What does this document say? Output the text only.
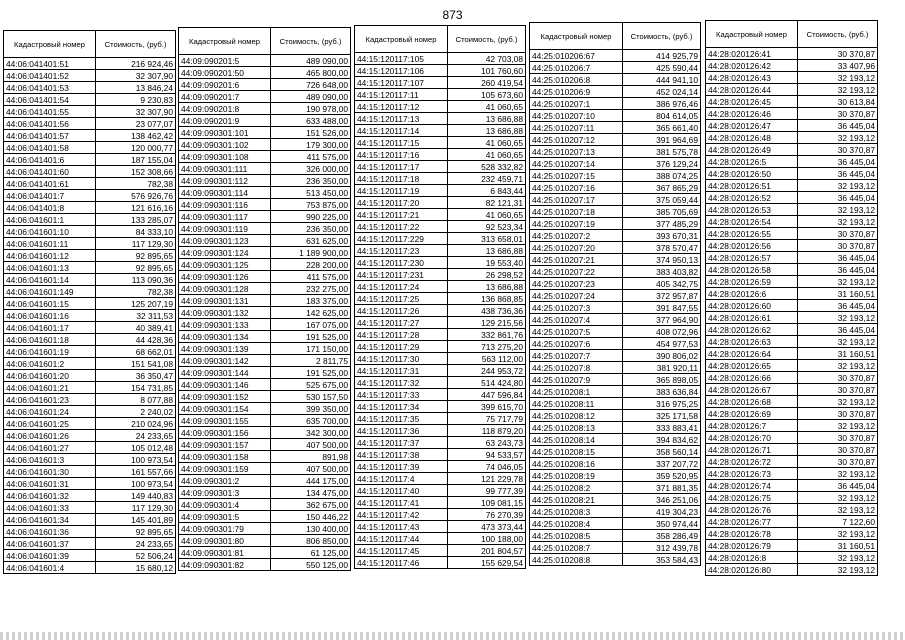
873
Кадастровый номер	Стоимость, (руб.)
44:06:041401:51	216 924,46
44:06:041401:52	32 307,90
44:06:041401:53	13 846,24
44:06:041401:54	9 230,83
44:06:041401:55	32 307,90
44:06:041401:56	23 077,07
44:06:041401:57	138 462,42
44:06:041401:58	120 000,77
44:06:041401:6	187 155,04
44:06:041401:60	152 308,66
44:06:041401:61	782,38
44:06:041401:7	576 926,76
44:06:041401:8	121 616,16
44:06:041601:1	133 285,07
44:06:041601:10	84 333,10
44:06:041601:11	117 129,30
44:06:041601:12	92 895,65
44:06:041601:13	92 895,65
44:06:041601:14	113 090,36
44:06:041601:149	782,38
44:06:041601:15	125 207,19
44:06:041601:16	32 311,53
44:06:041601:17	40 389,41
44:06:041601:18	44 428,36
44:06:041601:19	68 662,01
44:06:041601:2	151 541,08
44:06:041601:20	36 350,47
44:06:041601:21	154 731,85
44:06:041601:23	8 077,88
44:06:041601:24	2 240,02
44:06:041601:25	210 024,96
44:06:041601:26	24 233,65
44:06:041601:27	105 012,48
44:06:041601:3	100 973,54
44:06:041601:30	161 557,66
44:06:041601:31	100 973,54
44:06:041601:32	149 440,83
44:06:041601:33	117 129,30
44:06:041601:34	145 401,89
44:06:041601:36	92 895,65
44:06:041601:37	24 233,65
44:06:041601:39	52 506,24
44:06:041601:4	15 680,12
Кадастровый номер	Стоимость, (руб.)
44:09:090201:5	489 090,00
44:09:090201:50	465 800,00
44:09:090201:6	726 648,00
44:09:090201:7	489 090,00
44:09:090201:8	190 978,00
44:09:090201:9	633 488,00
44:09:090301:101	151 526,00
44:09:090301:102	179 300,00
44:09:090301:108	411 575,00
44:09:090301:111	326 000,00
44:09:090301:112	236 350,00
44:09:090301:114	513 450,00
44:09:090301:116	753 875,00
44:09:090301:117	990 225,00
44:09:090301:119	236 350,00
44:09:090301:123	631 625,00
44:09:090301:124	1 189 900,00
44:09:090301:125	228 200,00
44:09:090301:126	411 575,00
44:09:090301:128	232 275,00
44:09:090301:131	183 375,00
44:09:090301:132	142 625,00
44:09:090301:133	167 075,00
44:09:090301:134	191 525,00
44:09:090301:139	171 150,00
44:09:090301:142	2 811,75
44:09:090301:144	191 525,00
44:09:090301:146	525 675,00
44:09:090301:152	530 157,50
44:09:090301:154	399 350,00
44:09:090301:155	635 700,00
44:09:090301:156	342 300,00
44:09:090301:157	407 500,00
44:09:090301:158	891,98
44:09:090301:159	407 500,00
44:09:090301:2	444 175,00
44:09:090301:3	134 475,00
44:09:090301:4	362 675,00
44:09:090301:5	150 446,22
44:09:090301:79	130 400,00
44:09:090301:80	806 850,00
44:09:090301:81	61 125,00
44:09:090301:82	550 125,00
Кадастровый номер	Стоимость, (руб.)
44:15:120117:105	42 703,08
44:15:120117:106	101 760,60
44:15:120117:107	260 419,54
44:15:120117:11	105 673,60
44:15:120117:12	41 060,65
44:15:120117:13	13 686,88
44:15:120117:14	13 686,88
44:15:120117:15	41 060,65
44:15:120117:16	41 060,65
44:15:120117:17	528 332,82
44:15:120117:18	232 459,71
44:15:120117:19	6 843,44
44:15:120117:20	82 121,31
44:15:120117:21	41 060,65
44:15:120117:22	92 523,34
44:15:120117:229	313 658,01
44:15:120117:23	13 686,88
44:15:120117:230	19 553,40
44:15:120117:231	26 298,52
44:15:120117:24	13 686,88
44:15:120117:25	136 868,85
44:15:120117:26	438 736,36
44:15:120117:27	129 215,56
44:15:120117:28	332 861,76
44:15:120117:29	713 275,20
44:15:120117:30	563 112,00
44:15:120117:31	244 953,72
44:15:120117:32	514 424,80
44:15:120117:33	447 596,84
44:15:120117:34	399 615,70
44:15:120117:35	75 717,79
44:15:120117:36	118 879,20
44:15:120117:37	63 243,73
44:15:120117:38	94 533,57
44:15:120117:39	74 046,05
44:15:120117:4	121 229,78
44:15:120117:40	99 777,39
44:15:120117:41	109 081,15
44:15:120117:42	76 270,39
44:15:120117:43	473 373,44
44:15:120117:44	100 188,00
44:15:120117:45	201 804,57
44:15:120117:46	155 629,54
Кадастровый номер	Стоимость, (руб.)
44:25:010206:67	414 925,79
44:25:010206:7	425 590,44
44:25:010206:8	444 941,10
44:25:010206:9	452 024,14
44:25:010207:1	386 976,46
44:25:010207:10	804 614,05
44:25:010207:11	365 661,40
44:25:010207:12	391 964,69
44:25:010207:13	381 575,78
44:25:010207:14	376 129,24
44:25:010207:15	388 074,25
44:25:010207:16	367 865,29
44:25:010207:17	375 059,44
44:25:010207:18	385 705,69
44:25:010207:19	377 485,29
44:25:010207:2	393 670,31
44:25:010207:20	378 570,47
44:25:010207:21	374 950,13
44:25:010207:22	383 403,82
44:25:010207:23	405 342,75
44:25:010207:24	372 957,87
44:25:010207:3	391 847,55
44:25:010207:4	377 964,90
44:25:010207:5	408 072,96
44:25:010207:6	454 977,53
44:25:010207:7	390 806,02
44:25:010207:8	381 920,11
44:25:010207:9	365 898,05
44:25:010208:1	383 636,84
44:25:010208:11	316 975,25
44:25:010208:12	325 171,58
44:25:010208:13	333 883,41
44:25:010208:14	394 834,62
44:25:010208:15	358 560,14
44:25:010208:16	337 207,72
44:25:010208:19	359 520,95
44:25:010208:2	371 881,35
44:25:010208:21	346 251,06
44:25:010208:3	419 304,23
44:25:010208:4	350 974,44
44:25:010208:5	358 286,49
44:25:010208:7	312 439,78
44:25:010208:8	353 584,43
Кадастровый номер	Стоимость, (руб.)
44:28:020126:41	30 370,87
44:28:020126:42	33 407,96
44:28:020126:43	32 193,12
44:28:020126:44	32 193,12
44:28:020126:45	30 613,84
44:28:020126:46	30 370,87
44:28:020126:47	36 445,04
44:28:020126:48	32 193,12
44:28:020126:49	30 370,87
44:28:020126:5	36 445,04
44:28:020126:50	36 445,04
44:28:020126:51	32 193,12
44:28:020126:52	36 445,04
44:28:020126:53	32 193,12
44:28:020126:54	32 193,12
44:28:020126:55	30 370,87
44:28:020126:56	30 370,87
44:28:020126:57	36 445,04
44:28:020126:58	36 445,04
44:28:020126:59	32 193,12
44:28:020126:6	31 160,51
44:28:020126:60	36 445,04
44:28:020126:61	32 193,12
44:28:020126:62	36 445,04
44:28:020126:63	32 193,12
44:28:020126:64	31 160,51
44:28:020126:65	32 193,12
44:28:020126:66	30 370,87
44:28:020126:67	30 370,87
44:28:020126:68	32 193,12
44:28:020126:69	30 370,87
44:28:020126:7	32 193,12
44:28:020126:70	30 370,87
44:28:020126:71	30 370,87
44:28:020126:72	30 370,87
44:28:020126:73	32 193,12
44:28:020126:74	36 445,04
44:28:020126:75	32 193,12
44:28:020126:76	32 193,12
44:28:020126:77	7 122,60
44:28:020126:78	32 193,12
44:28:020126:79	31 160,51
44:28:020126:8	32 193,12
44:28:020126:80	32 193,12
